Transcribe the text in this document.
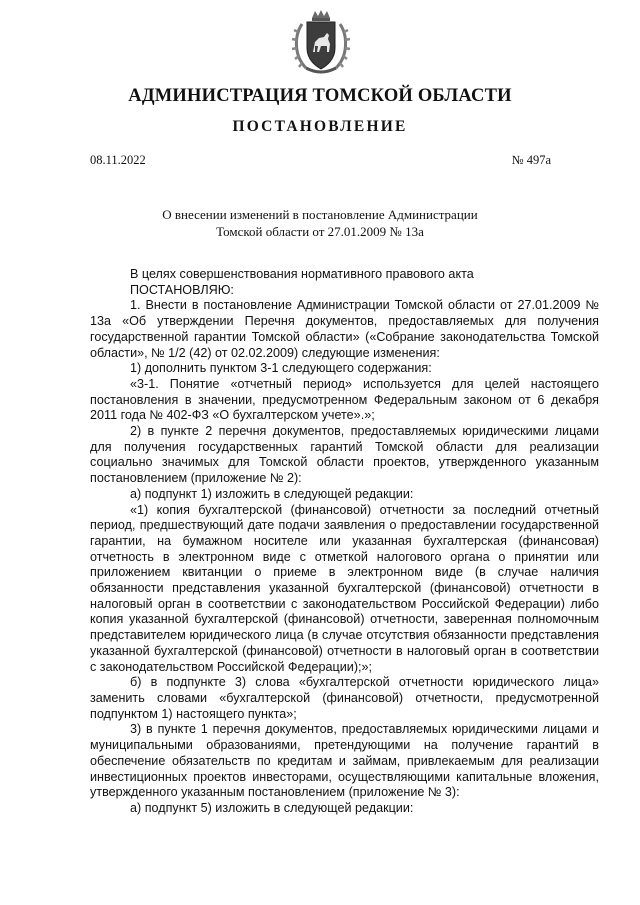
АДМИНИСТРАЦИЯ ТОМСКОЙ ОБЛАСТИ
ПОСТАНОВЛЕНИЕ
08.11.2022	№ 497а
О внесении изменений в постановление Администрации
Томской области от 27.01.2009 № 13а

В целях совершенствования нормативного правового акта

ПОСТАНОВЛЯЮ:

1. Внести в постановление Администрации Томской области от 27.01.2009 № 13а «Об утверждении Перечня документов, предоставляемых для получения государственной гарантии Томской области» («Собрание законодательства Томской области», № 1/2 (42) от 02.02.2009) следующие изменения:

1) дополнить пунктом 3-1 следующего содержания:

«3-1. Понятие «отчетный период» используется для целей настоящего постановления в значении, предусмотренном Федеральным законом от 6 декабря 2011 года № 402-ФЗ «О бухгалтерском учете».»;

2) в пункте 2 перечня документов, предоставляемых юридическими лицами для получения государственных гарантий Томской области для реализации социально значимых для Томской области проектов, утвержденного указанным постановлением (приложение № 2):

а) подпункт 1) изложить в следующей редакции:

«1) копия бухгалтерской (финансовой) отчетности за последний отчетный период, предшествующий дате подачи заявления о предоставлении государственной гарантии, на бумажном носителе или указанная бухгалтерская (финансовая) отчетность в электронном виде с отметкой налогового органа о принятии или приложением квитанции о приеме в электронном виде (в случае наличия обязанности представления указанной бухгалтерской (финансовой) отчетности в налоговый орган в соответствии с законодательством Российской Федерации) либо копия указанной бухгалтерской (финансовой) отчетности, заверенная полномочным представителем юридического лица (в случае отсутствия обязанности представления указанной бухгалтерской (финансовой) отчетности в налоговый орган в соответствии с законодательством Российской Федерации);»;

б) в подпункте 3) слова «бухгалтерской отчетности юридического лица» заменить словами «бухгалтерской (финансовой) отчетности, предусмотренной подпунктом 1) настоящего пункта»;

3) в пункте 1 перечня документов, предоставляемых юридическими лицами и муниципальными образованиями, претендующими на получение гарантий в обеспечение обязательств по кредитам и займам, привлекаемым для реализации инвестиционных проектов инвесторами, осуществляющими капитальные вложения, утвержденного указанным постановлением (приложение № 3):

а) подпункт 5) изложить в следующей редакции:
